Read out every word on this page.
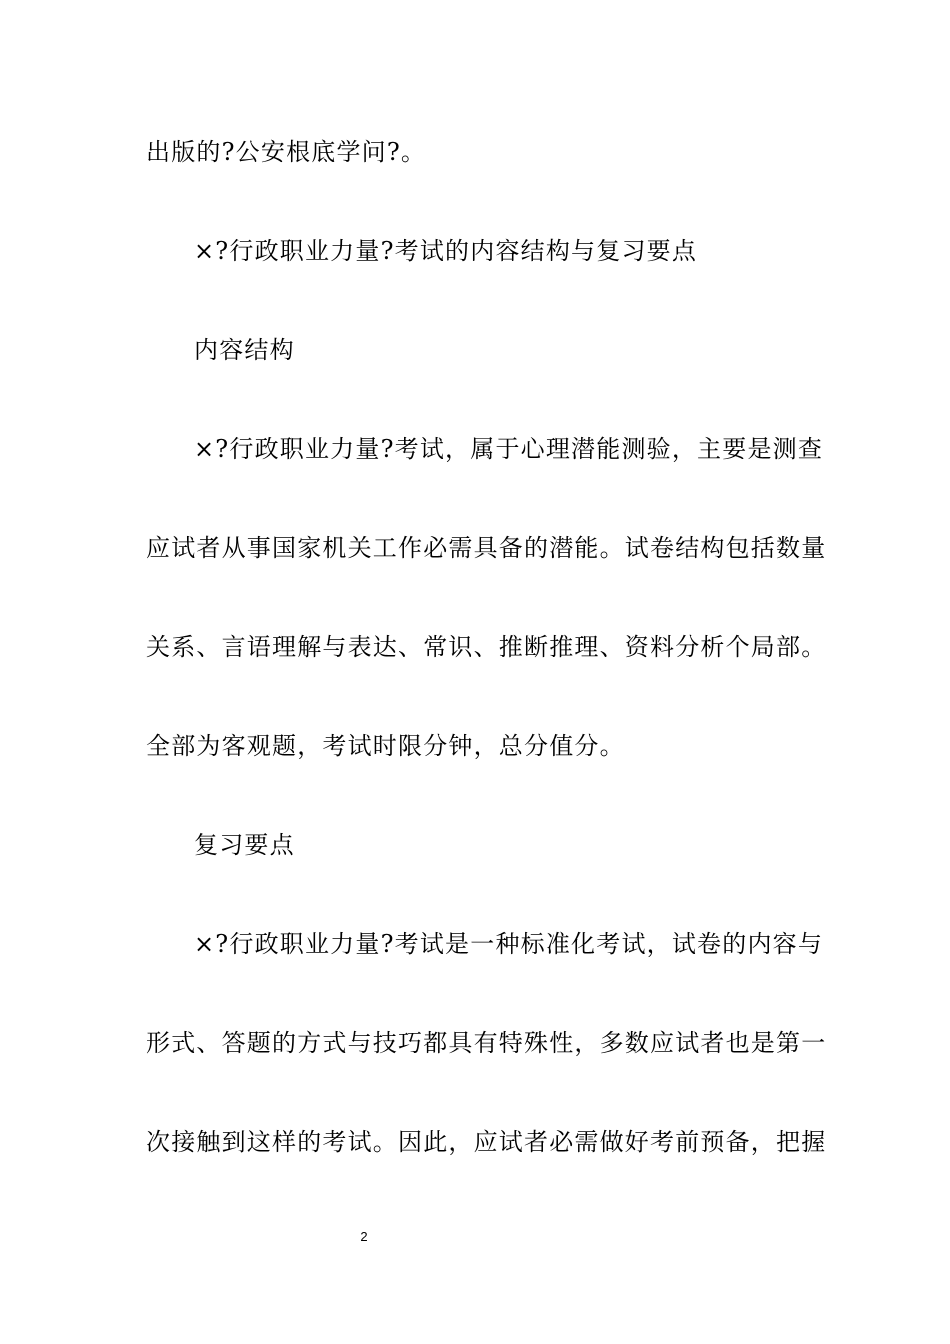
出版的?公安根底学问?。
×?行政职业力量?考试的内容结构与复习要点
内容结构
×?行政职业力量?考试，属于心理潜能测验，主要是测查
应试者从事国家机关工作必需具备的潜能。试卷结构包括数量
关系、言语理解与表达、常识、推断推理、资料分析个局部。
全部为客观题，考试时限分钟，总分值分。
复习要点
×?行政职业力量?考试是一种标准化考试，试卷的内容与
形式、答题的方式与技巧都具有特殊性，多数应试者也是第一
次接触到这样的考试。因此，应试者必需做好考前预备，把握
2
